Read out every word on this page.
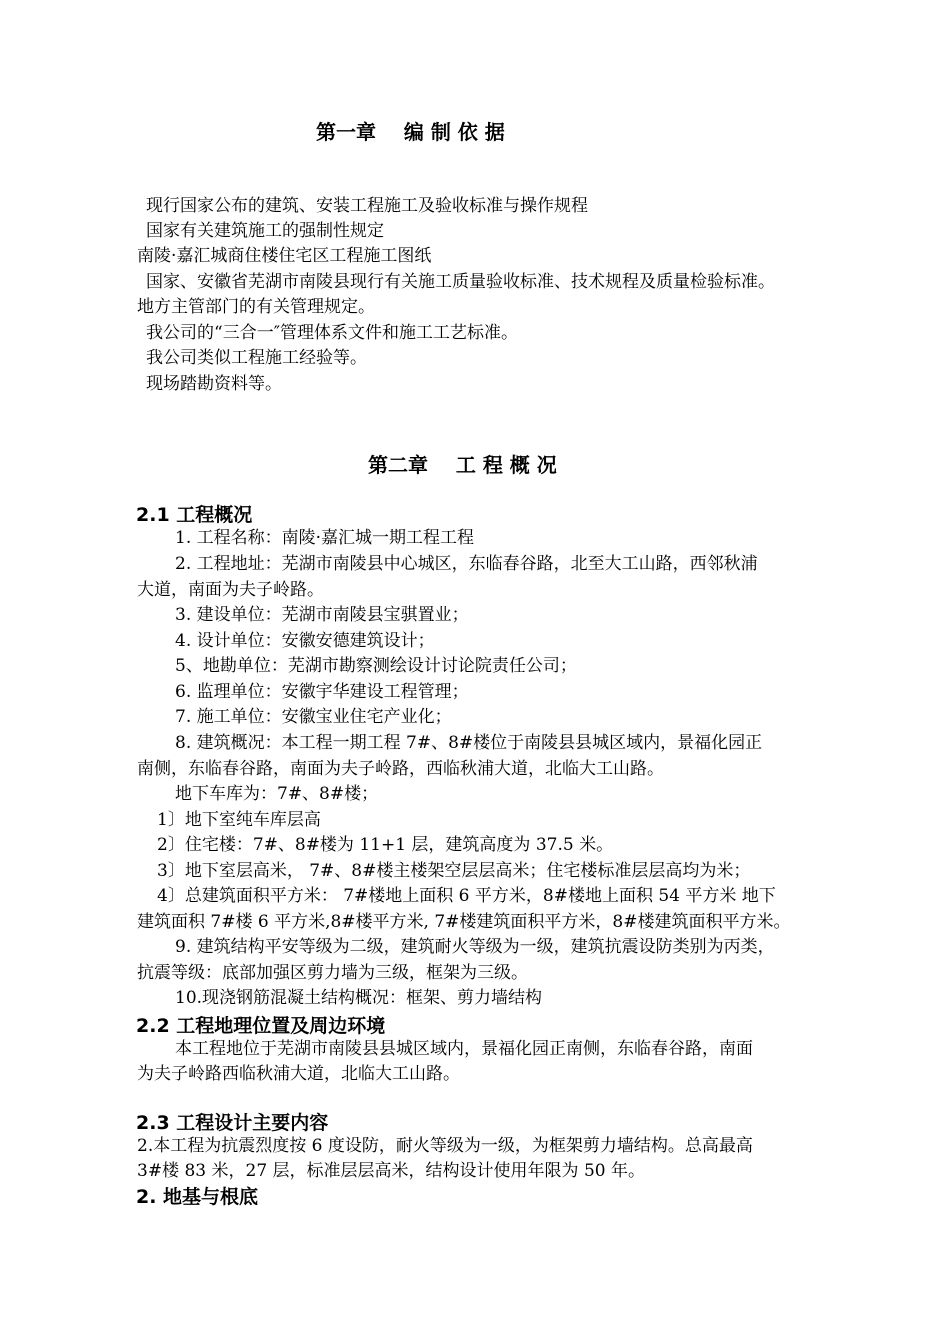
第一章    编 制 依 据
现行国家公布的建筑、安装工程施工及验收标准与操作规程
国家有关建筑施工的强制性规定
南陵·嘉汇城商住楼住宅区工程施工图纸
国家、安徽省芜湖市南陵县现行有关施工质量验收标准、技术规程及质量检验标准。
地方主管部门的有关管理规定。
我公司的“三合一″管理体系文件和施工工艺标准。
我公司类似工程施工经验等。
现场踏勘资料等。
第二章    工 程 概 况
2.1 工程概况
1. 工程名称：南陵·嘉汇城一期工程工程
2. 工程地址：芜湖市南陵县中心城区，东临春谷路，北至大工山路，西邻秋浦
大道，南面为夫子岭路。
3. 建设单位：芜湖市南陵县宝骐置业；
4. 设计单位：安徽安德建筑设计；
5、地勘单位：芜湖市勘察测绘设计讨论院责任公司；
6. 监理单位：安徽宇华建设工程管理；
7. 施工单位：安徽宝业住宅产业化；
8. 建筑概况：本工程一期工程 7#、8#楼位于南陵县县城区域内，景福化园正
南侧，东临春谷路，南面为夫子岭路，西临秋浦大道，北临大工山路。
地下车库为：7#、8#楼；
1〕地下室纯车库层高
2〕住宅楼：7#、8#楼为 11+1 层，建筑高度为 37.5 米。
3〕地下室层高米， 7#、8#楼主楼架空层层高米；住宅楼标准层层高均为米；
4〕总建筑面积平方米： 7#楼地上面积 6 平方米，8#楼地上面积 54 平方米 地下
建筑面积 7#楼 6 平方米,8#楼平方米, 7#楼建筑面积平方米，8#楼建筑面积平方米。
9. 建筑结构平安等级为二级，建筑耐火等级为一级，建筑抗震设防类别为丙类，
抗震等级：底部加强区剪力墙为三级，框架为三级。
10.现浇钢筋混凝土结构概况：框架、剪力墙结构
2.2 工程地理位置及周边环境
本工程地位于芜湖市南陵县县城区域内，景福化园正南侧，东临春谷路，南面
为夫子岭路西临秋浦大道，北临大工山路。
2.3 工程设计主要内容
2.本工程为抗震烈度按 6 度设防，耐火等级为一级，为框架剪力墙结构。总高最高
3#楼 83 米，27 层，标准层层高米，结构设计使用年限为 50 年。
2. 地基与根底
